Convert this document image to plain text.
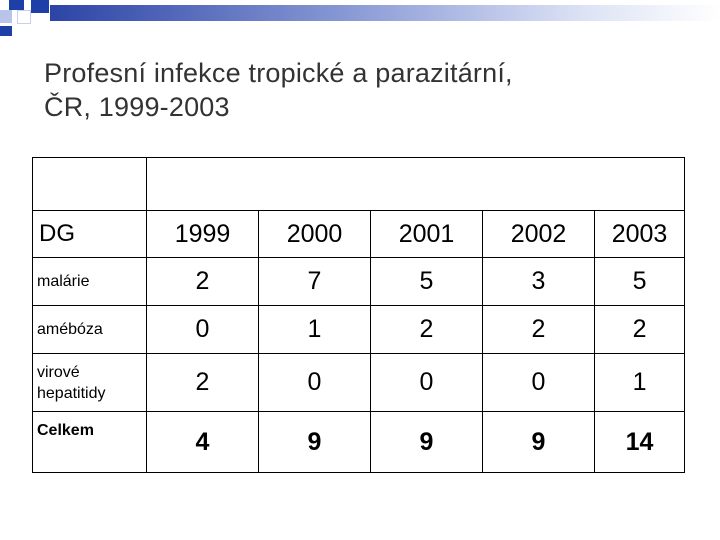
Profesní infekce tropické a parazitární,
ČR, 1999-2003

DG	1999	2000	2001	2002	2003
malárie	2	7	5	3	5
amébóza	0	1	2	2	2
virové hepatitidy	2	0	0	0	1
Celkem	4	9	9	9	14
